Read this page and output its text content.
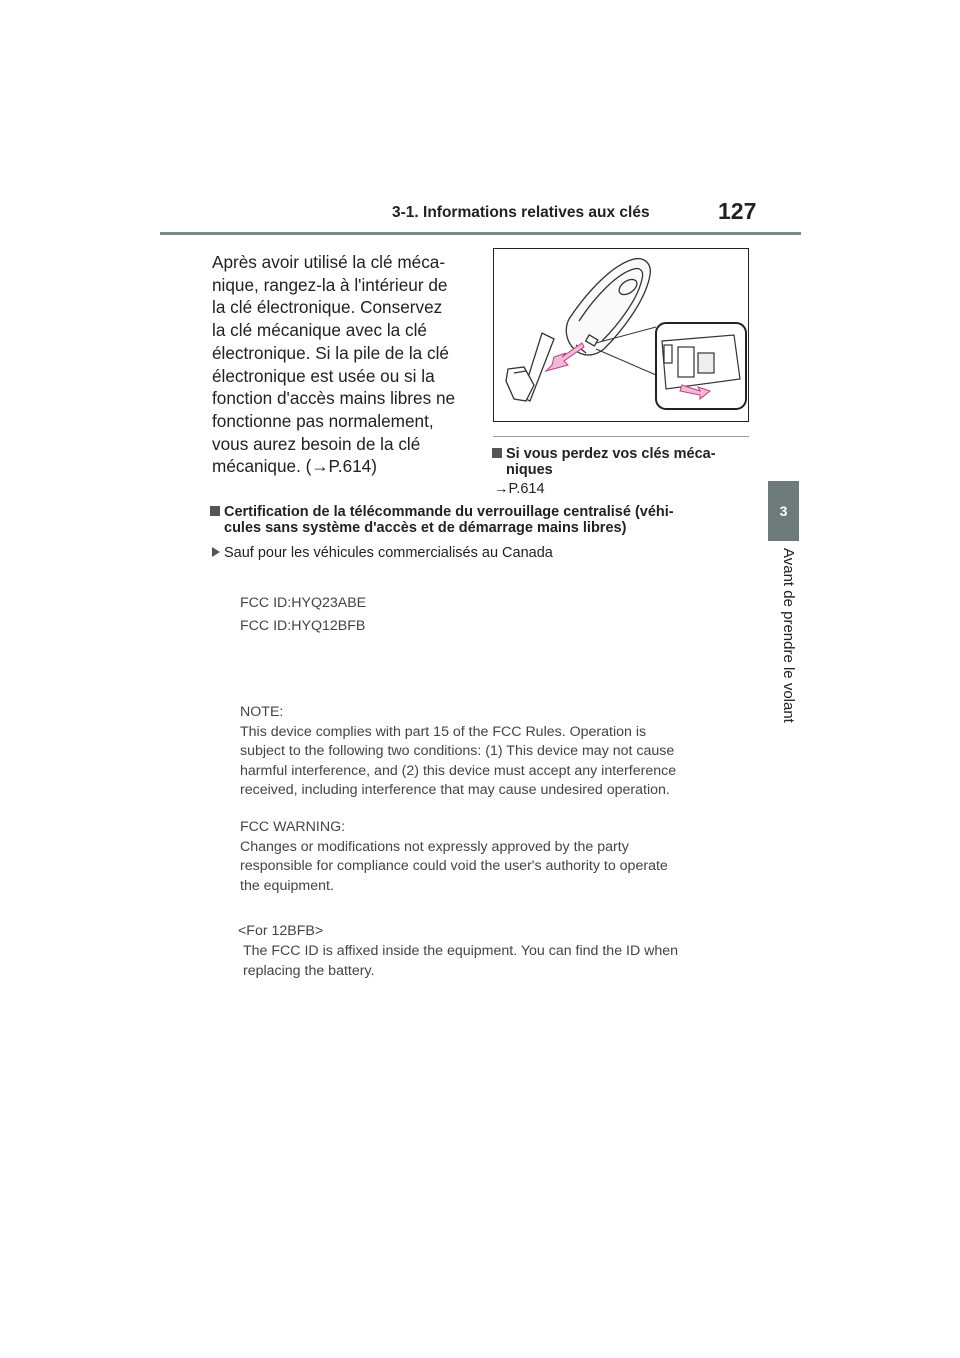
3-1. Informations relatives aux clés	127
3
Avant de prendre le volant
Après avoir utilisé la clé méca-
nique, rangez-la à l'intérieur de
la clé électronique. Conservez
la clé mécanique avec la clé
électronique. Si la pile de la clé
électronique est usée ou si la
fonction d'accès mains libres ne
fonctionne pas normalement,
vous aurez besoin de la clé
mécanique. (→P.614)
Si vous perdez vos clés méca-
niques
→P.614
Certification de la télécommande du verrouillage centralisé (véhi-
cules sans système d'accès et de démarrage mains libres)
Sauf pour les véhicules commercialisés au Canada

FCC ID:HYQ23ABE

FCC ID:HYQ12BFB

NOTE:

This device complies with part 15 of the FCC Rules. Operation is

subject to the following two conditions: (1) This device may not cause

harmful interference, and (2) this device must accept any interference

received, including interference that may cause undesired operation.

FCC WARNING:

Changes or modifications not expressly approved by the party

responsible for compliance could void the user's authority to operate

the equipment.

<For 12BFB>

The FCC ID is affixed inside the equipment. You can find the ID when

replacing the battery.
